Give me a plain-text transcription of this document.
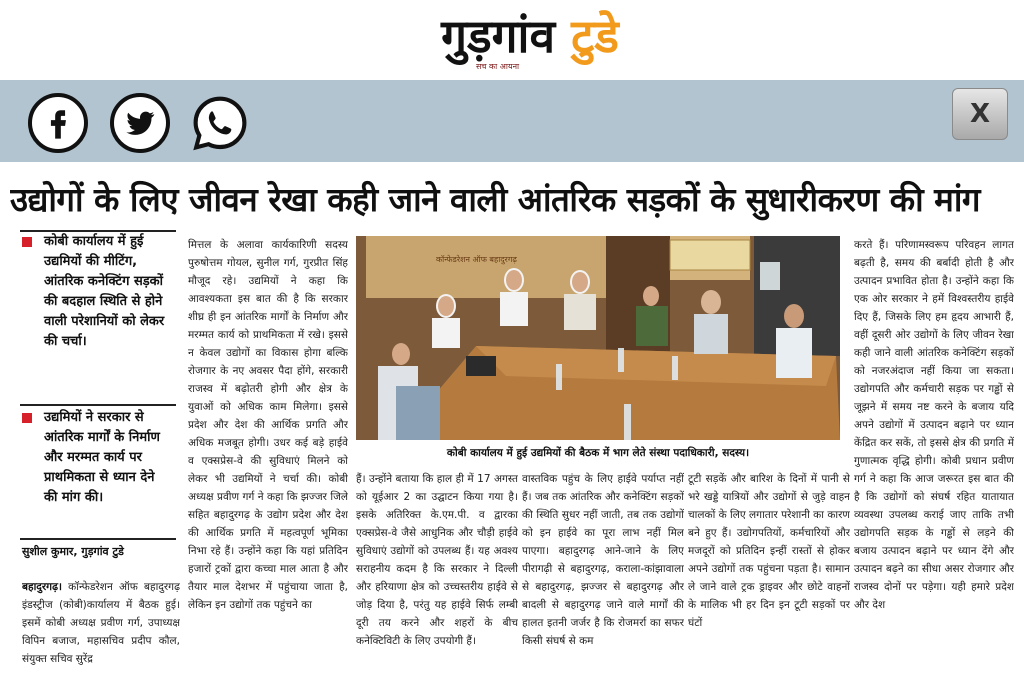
गुड़गांव टुडे
सच का आयना
X
उद्योगों के लिए जीवन रेखा कही जाने वाली आंतरिक सड़कों के सुधारीकरण की मांग

कोबी कार्यालय में हुई उद्यमियों की मीटिंग, आंतरिक कनेक्टिंग सड़कों की बदहाल स्थिति से होने वाली परेशानियों को लेकर की चर्चा।

उद्यमियों ने सरकार से आंतरिक मार्गों के निर्माण और मरम्मत कार्य पर प्राथमिकता से ध्यान देने की मांग की।

सुशील कुमार, गुड़गांव टुडे

बहादुरगढ़। कॉन्फेडरेशन ऑफ बहादुरगढ़ इंडस्ट्रीज (कोबी)कार्यालय में बैठक हुई। इसमें कोबी अध्यक्ष प्रवीण गर्ग, उपाध्यक्ष विपिन बजाज, महासचिव प्रदीप कौल, संयुक्त सचिव सुरेंद्र

मित्तल के अलावा कार्यकारिणी सदस्य पुरुषोत्तम गोयल, सुनील गर्ग, गुरप्रीत सिंह मौजूद रहे। उद्यमियों ने कहा कि आवश्यकता इस बात की है कि सरकार शीघ्र ही इन आंतरिक मार्गों के निर्माण और मरम्मत कार्य को प्राथमिकता में रखे। इससे न केवल उद्योगों का विकास होगा बल्कि रोजगार के नए अवसर पैदा होंगे, सरकारी राजस्व में बढ़ोतरी होगी और क्षेत्र के युवाओं को अधिक काम मिलेगा। इससे प्रदेश और देश की आर्थिक प्रगति और अधिक मजबूत होगी। उधर कई बड़े हाईवे व एक्सप्रेस-वे की सुविधाएं मिलने को लेकर भी उद्यमियों ने चर्चा की। कोबी अध्यक्ष प्रवीण गर्ग ने कहा कि झज्जर जिले सहित बहादुरगढ़ के उद्योग प्रदेश और देश की आर्थिक प्रगति में महत्वपूर्ण भूमिका निभा रहे हैं। उन्होंने कहा कि यहां प्रतिदिन हजारों ट्रकों द्वारा कच्चा माल आता है और तैयार माल देशभर में पहुंचाया जाता है, लेकिन इन उद्योगों तक पहुंचने का

कॉन्फेडरेशन ऑफ बहादुरगढ़
कोबी कार्यालय में हुई उद्यमियों की बैठक में भाग लेते संस्था पदाधिकारी, सदस्य।

हैं। उन्होंने बताया कि हाल ही में 17 अगस्त को यूईआर 2 का उद्घाटन किया गया है। इसके अतिरिक्त के.एम.पी. व द्वारका एक्सप्रेस-वे जैसे आधुनिक और चौड़ी हाईवे सुविधाएं उद्योगों को उपलब्ध हैं। यह अवश्य सराहनीय कदम है कि सरकार ने दिल्ली और हरियाणा क्षेत्र को उच्चस्तरीय हाईवे से जोड़ दिया है, परंतु यह हाईवे सिर्फ लम्बी दूरी तय करने और शहरों के बीच कनेक्टिविटी के लिए उपयोगी हैं।

वास्तविक पहुंच के लिए हाईवे पर्याप्त नहीं हैं। जब तक आंतरिक और कनेक्टिंग सड़कों की स्थिति सुधर नहीं जाती, तब तक उद्योगों को इन हाईवे का पूरा लाभ नहीं मिल पाएगा। बहादुरगढ़ आने-जाने के लिए पीरागढ़ी से बहादुरगढ़, कराला-कांझावाला से बहादुरगढ़, झज्जर से बहादुरगढ़ और बादली से बहादुरगढ़ जाने वाले मार्गों की हालत इतनी जर्जर है कि रोजमर्रा का सफर किसी संघर्ष से कम

टूटी सड़कें और बारिश के दिनों में पानी से भरे खड्डे यात्रियों और उद्योगों से जुड़े वाहन चालकों के लिए लगातार परेशानी का कारण बने हुए हैं। उद्योगपतियों, कर्मचारियों और मजदूरों को प्रतिदिन इन्हीं रास्तों से होकर अपने उद्योगों तक पहुंचना पड़ता है। सामान ले जाने वाले ट्रक ड्राइवर और छोटे वाहनों के मालिक भी हर दिन इन टूटी सड़कों पर घंटों

करते हैं। परिणामस्वरूप परिवहन लागत बढ़ती है, समय की बर्बादी होती है और उत्पादन प्रभावित होता है। उन्होंने कहा कि एक ओर सरकार ने हमें विश्वस्तरीय हाईवे दिए हैं, जिसके लिए हम हृदय आभारी हैं, वहीं दूसरी ओर उद्योगों के लिए जीवन रेखा कही जाने वाली आंतरिक कनेक्टिंग सड़कों को नजरअंदाज नहीं किया जा सकता। उद्योगपति और कर्मचारी सड़क पर गड्ढों से जूझने में समय नष्ट करने के बजाय यदि अपने उद्योगों में उत्पादन बढ़ाने पर ध्यान केंद्रित कर सकें, तो इससे क्षेत्र की प्रगति में गुणात्मक वृद्धि होगी। कोबी प्रधान प्रवीण गर्ग ने कहा कि आज जरूरत इस बात की है कि उद्योगों को संघर्ष रहित यातायात व्यवस्था उपलब्ध कराई जाए ताकि तभी उद्योगपति सड़क के गड्ढों से लड़ने की बजाय उत्पादन बढ़ाने पर ध्यान देंगे और उत्पादन बढ़ने का सीधा असर रोजगार और राजस्व दोनों पर पड़ेगा। यही हमारे प्रदेश और देश
